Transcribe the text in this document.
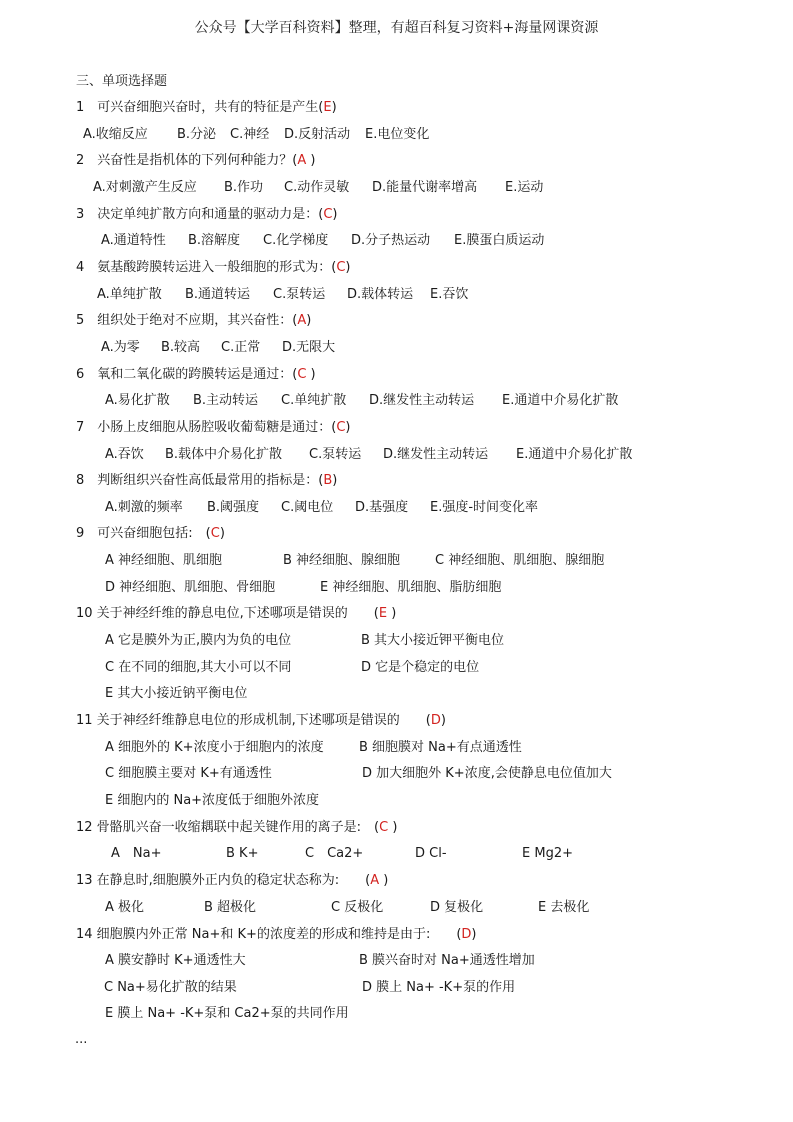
公众号【大学百科资料】整理，有超百科复习资料+海量网课资源
三、单项选择题
1　可兴奋细胞兴奋时，共有的特征是产生(E)
A.收缩反应 B.分泌 C.神经 D.反射活动 E.电位变化
2　兴奋性是指机体的下列何种能力？(A )
A.对刺激产生反应 B.作功 C.动作灵敏 D.能量代谢率增高 E.运动
3　决定单纯扩散方向和通量的驱动力是：(C)
A.通道特性 B.溶解度 C.化学梯度 D.分子热运动 E.膜蛋白质运动
4　氨基酸跨膜转运进入一般细胞的形式为：(C)
A.单纯扩散 B.通道转运 C.泵转运 D.载体转运 E.吞饮
5　组织处于绝对不应期，其兴奋性：(A)
A.为零 B.较高 C.正常 D.无限大
6　氧和二氧化碳的跨膜转运是通过：(C )
A.易化扩散 B.主动转运 C.单纯扩散 D.继发性主动转运 E.通道中介易化扩散
7　小肠上皮细胞从肠腔吸收葡萄糖是通过：(C)
A.吞饮 B.载体中介易化扩散 C.泵转运 D.继发性主动转运 E.通道中介易化扩散
8　判断组织兴奋性高低最常用的指标是：(B)
A.刺激的频率 B.阈强度 C.阈电位 D.基强度 E.强度-时间变化率
9　可兴奋细胞包括:　(C)
A 神经细胞、肌细胞	B 神经细胞、腺细胞	C 神经细胞、肌细胞、腺细胞
D 神经细胞、肌细胞、骨细胞	E 神经细胞、肌细胞、脂肪细胞
10 关于神经纤维的静息电位,下述哪项是错误的　　(E )
A 它是膜外为正,膜内为负的电位	B 其大小接近钾平衡电位
C 在不同的细胞,其大小可以不同	D 它是个稳定的电位
E 其大小接近钠平衡电位
11 关于神经纤维静息电位的形成机制,下述哪项是错误的　　(D)
A 细胞外的 K+浓度小于细胞内的浓度	B 细胞膜对 Na+有点通透性
C 细胞膜主要对 K+有通透性	D 加大细胞外 K+浓度,会使静息电位值加大
E 细胞内的 Na+浓度低于细胞外浓度
12 骨骼肌兴奋一收缩耦联中起关键作用的离子是:　(C )
A　Na+	B K+	C　Ca2+	D Cl-	E Mg2+
13 在静息时,细胞膜外正内负的稳定状态称为:　　(A )
A 极化	B 超极化	C 反极化	D 复极化	E 去极化
14 细胞膜内外正常 Na+和 K+的浓度差的形成和维持是由于:　　(D)
A 膜安静时 K+通透性大	B 膜兴奋时对 Na+通透性增加
C Na+易化扩散的结果	D 膜上 Na+ -K+泵的作用
E 膜上 Na+ -K+泵和 Ca2+泵的共同作用
...
